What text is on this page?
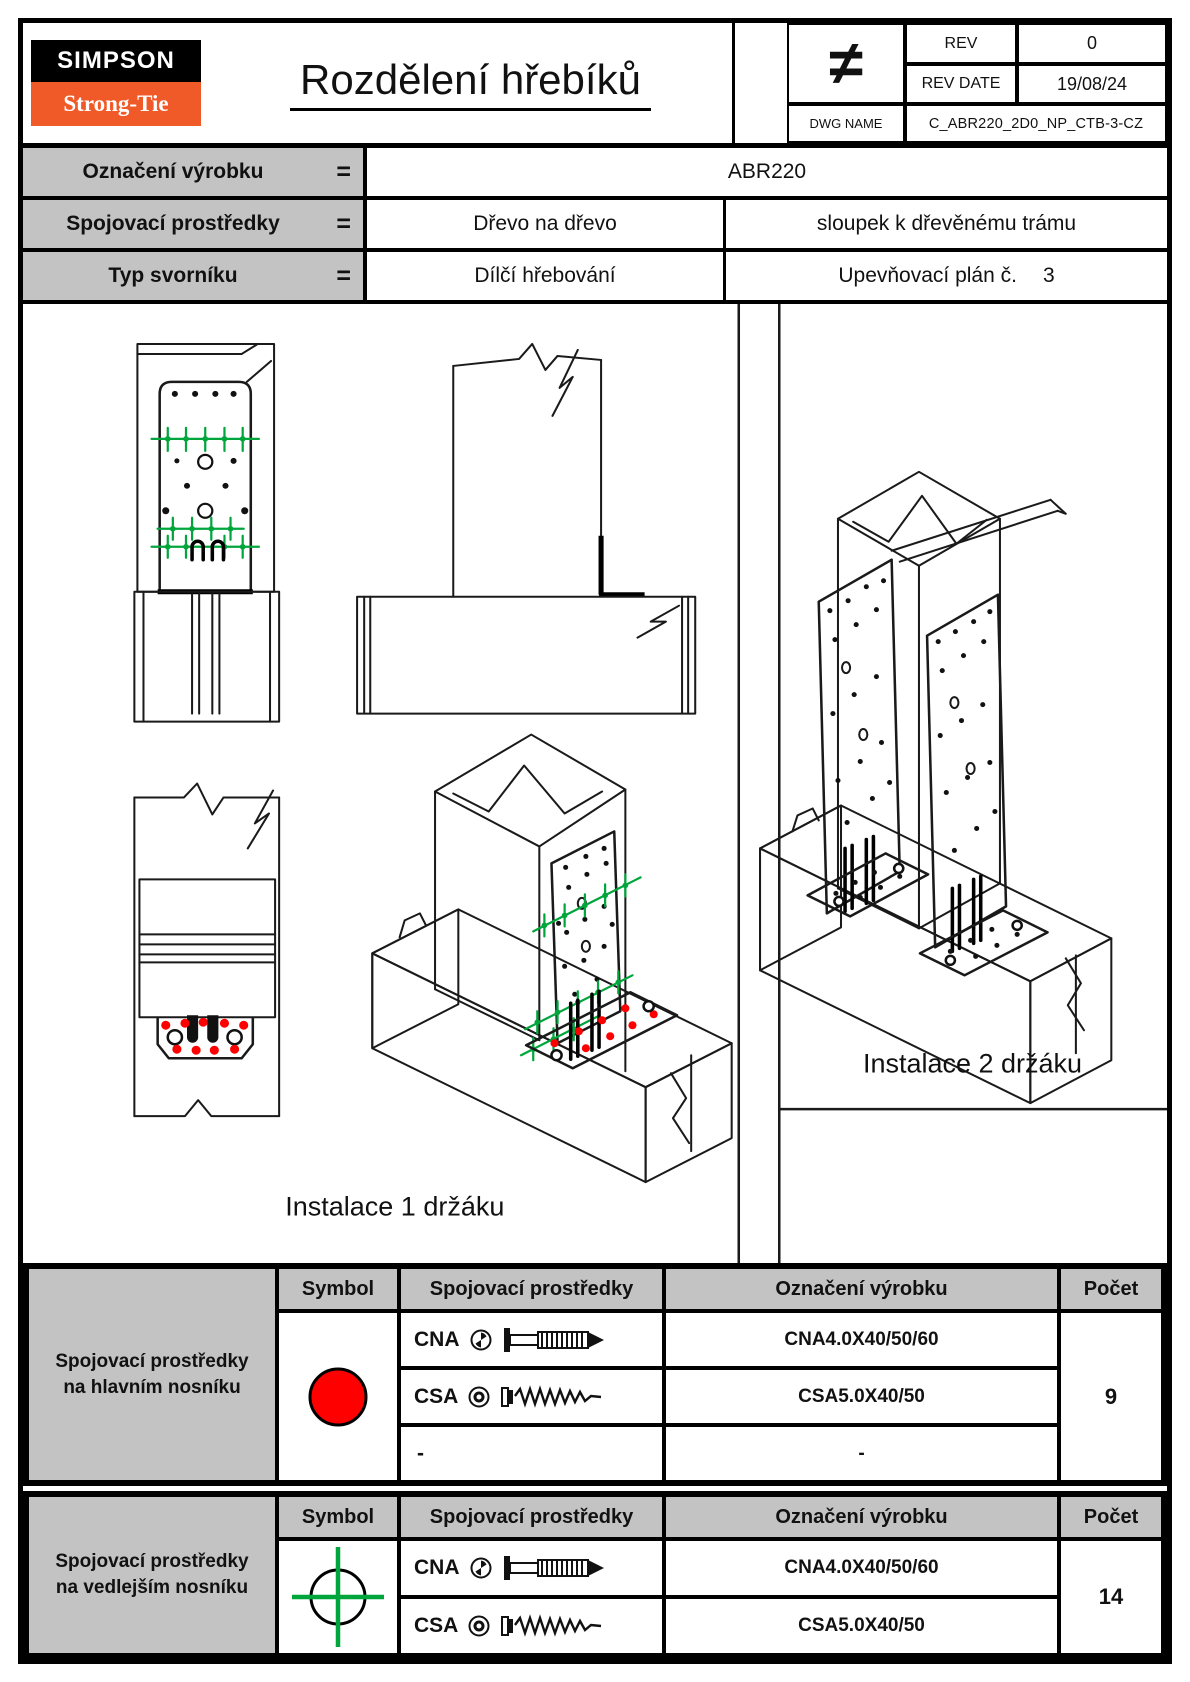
SIMPSON
Strong-Tie
®
Rozdělení hřebíků	≠	REV	0
REV DATE	19/08/24
DWG NAME	C_ABR220_2D0_NP_CTB-3-CZ
Označení výrobku	=	ABR220
Spojovací prostředky	=	Dřevo na dřevo	sloupek k dřevěnému trámu
Typ svorníku	=	Dílčí hřebování	Upevňovací plán č. 3
Instalace 1 držáku
Instalace 2 držáku
Spojovací prostředky na hlavním nosníku
Symbol	Spojovací prostředky	Označení výrobku	Počet
CNA	CNA4.0X40/50/60
CSA	CSA5.0X40/50
-	-
9
Spojovací prostředky na vedlejším nosníku
Symbol	Spojovací prostředky	Označení výrobku	Počet
CNA	CNA4.0X40/50/60
CSA	CSA5.0X40/50
14
